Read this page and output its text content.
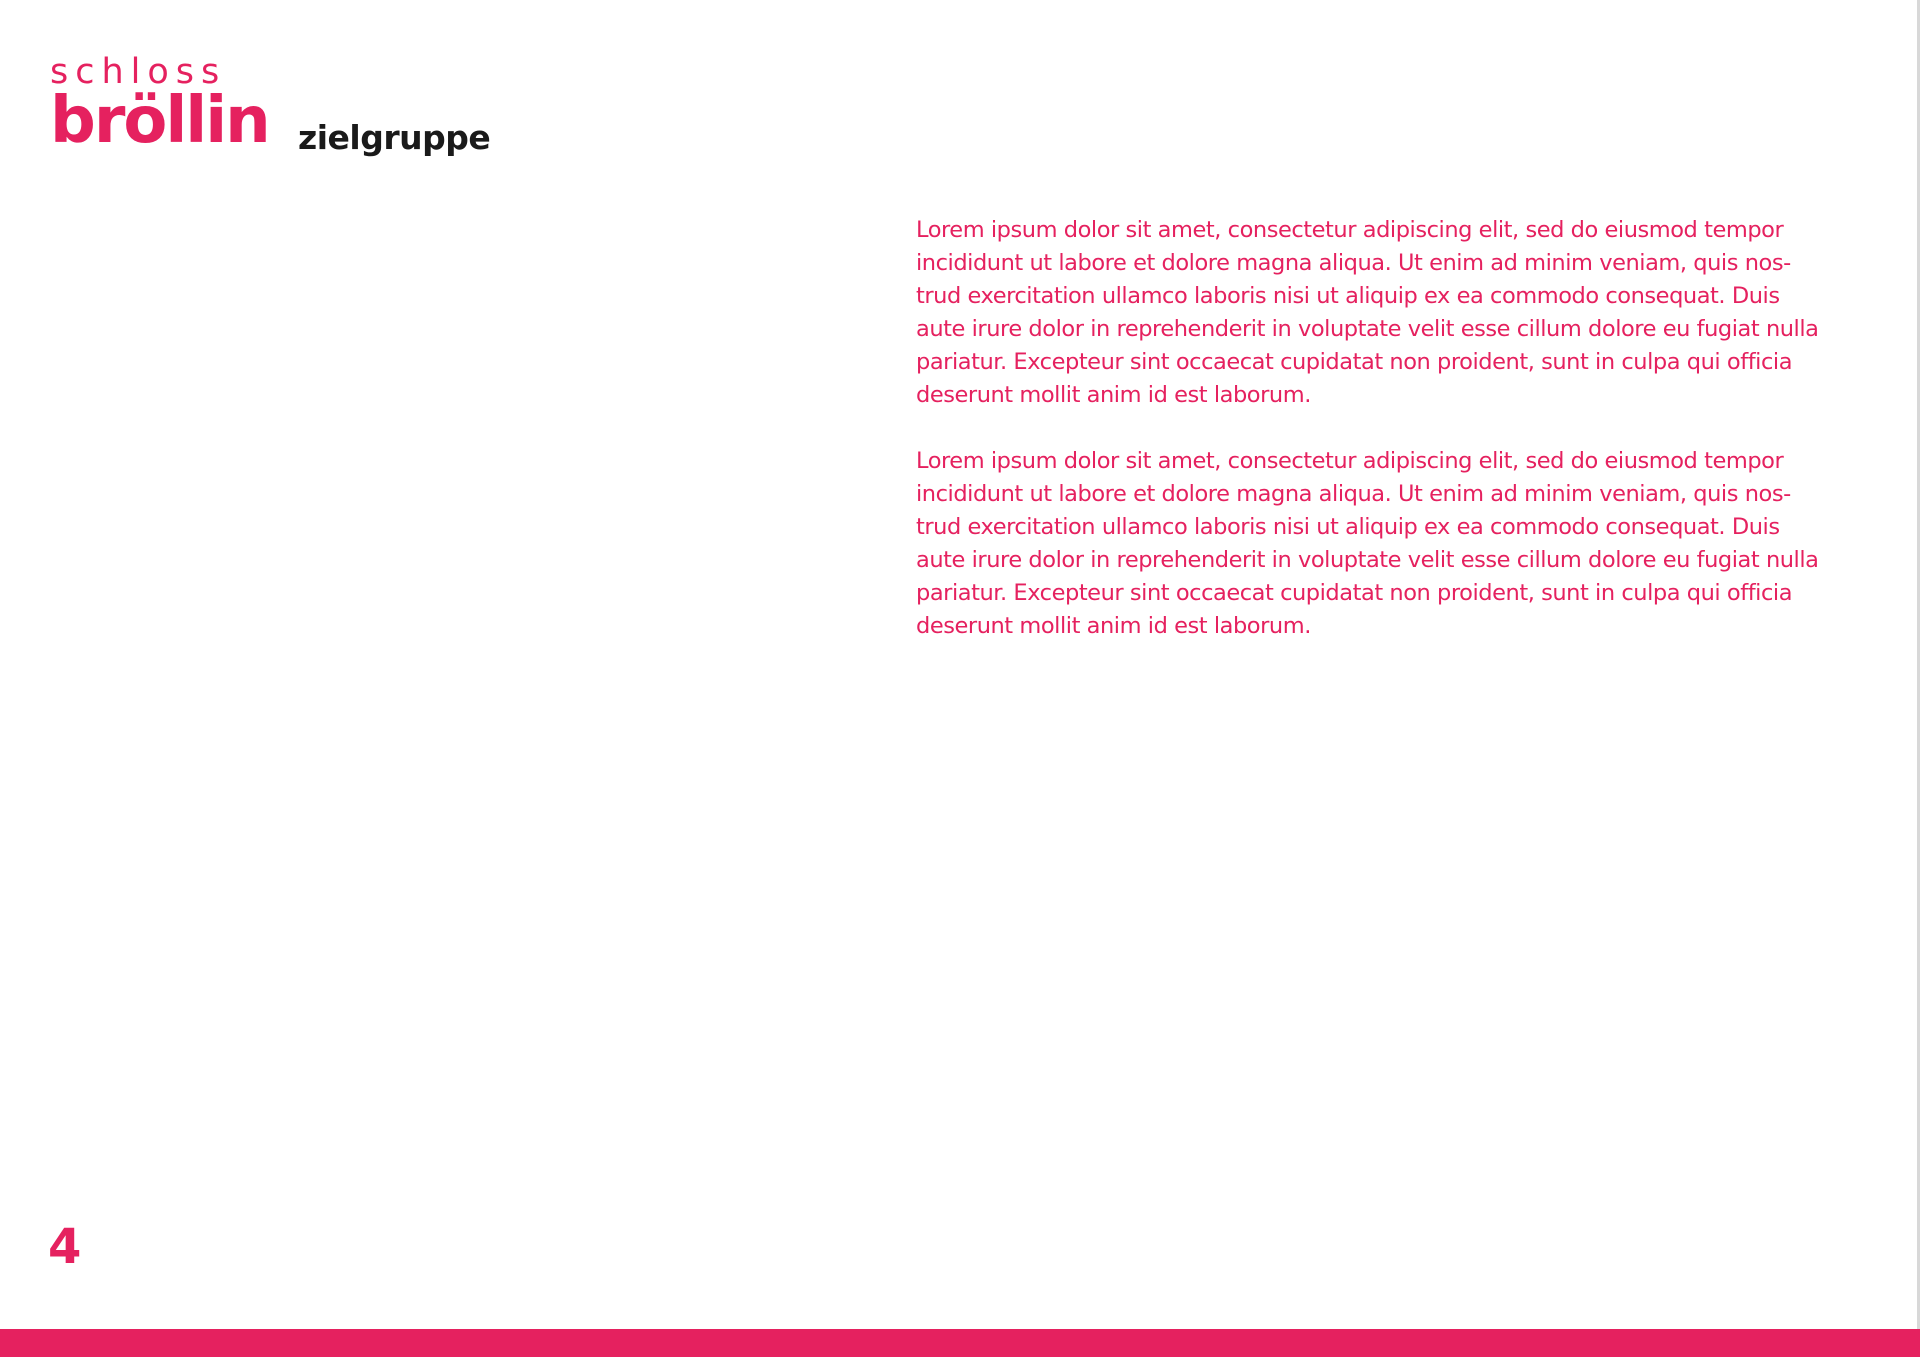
schloss
bröllin zielgruppe

Lorem ipsum dolor sit amet, consectetur adipiscing elit, sed do eiusmod tempor
incididunt ut labore et dolore magna aliqua. Ut enim ad minim veniam, quis nos-
trud exercitation ullamco laboris nisi ut aliquip ex ea commodo consequat. Duis
aute irure dolor in reprehenderit in voluptate velit esse cillum dolore eu fugiat nulla
pariatur. Excepteur sint occaecat cupidatat non proident, sunt in culpa qui officia
deserunt mollit anim id est laborum.

Lorem ipsum dolor sit amet, consectetur adipiscing elit, sed do eiusmod tempor
incididunt ut labore et dolore magna aliqua. Ut enim ad minim veniam, quis nos-
trud exercitation ullamco laboris nisi ut aliquip ex ea commodo consequat. Duis
aute irure dolor in reprehenderit in voluptate velit esse cillum dolore eu fugiat nulla
pariatur. Excepteur sint occaecat cupidatat non proident, sunt in culpa qui officia
deserunt mollit anim id est laborum.

4
